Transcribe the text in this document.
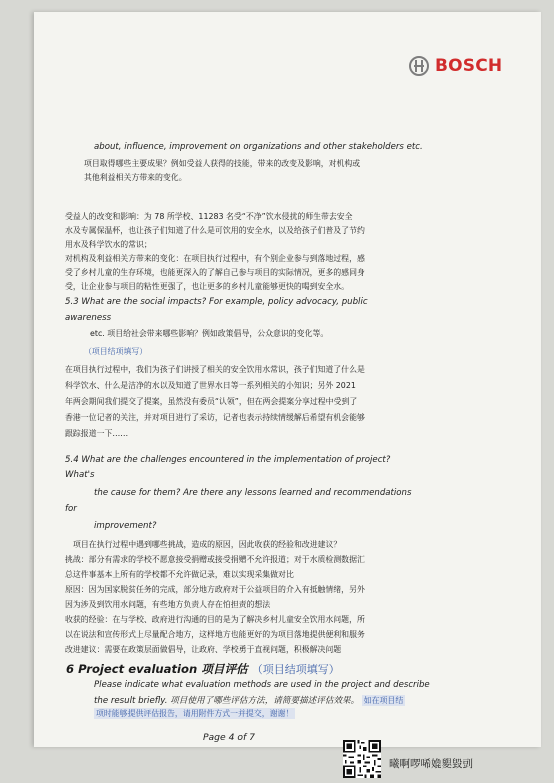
BOSCH
about, influence, improvement on organizations and other stakeholders etc.
项目取得哪些主要成果？例如受益人获得的技能，带来的改变及影响，对机构或
其他利益相关方带来的变化。
受益人的改变和影响：为 78 所学校、11283 名受“不净”饮水侵扰的师生带去安全
水及专属保温杯，也让孩子们知道了什么是可饮用的安全水，以及给孩子们普及了节约
用水及科学饮水的常识；
对机构及利益相关方带来的变化：在项目执行过程中，有个别企业参与到落地过程，感
受了乡村儿童的生存环境，也能更深入的了解自己参与项目的实际情况，更多的感同身
受，让企业参与项目的粘性更强了，也让更多的乡村儿童能够更快的喝到安全水。
5.3 What are the social impacts? For example, policy advocacy, public
awareness
etc. 项目给社会带来哪些影响？例如政策倡导，公众意识的变化等。
（项目结项填写）
在项目执行过程中，我们为孩子们讲授了相关的安全饮用水常识，孩子们知道了什么是
科学饮水、什么是洁净的水以及知道了世界水日等一系列相关的小知识；另外 2021
年两会期间我们提交了提案，虽然没有委员“认领”，但在两会提案分享过程中受到了
香港一位记者的关注，并对项目进行了采访，记者也表示持续情缓解后希望有机会能够
跟踪报道一下……
5.4 What are the challenges encountered in the implementation of project?
What's
the cause for them? Are there any lessons learned and recommendations
for
improvement?
项目在执行过程中遇到哪些挑战，造成的原因，因此收获的经验和改进建议？
挑战：部分有需求的学校不愿意接受捐赠或接受捐赠不允许报道；对于水质检测数据汇
总这件事基本上所有的学校都不允许做记录，难以实现采集做对比
原因：因为国家脱贫任务的完成，部分地方政府对于公益项目的介入有抵触情绪，另外
因为涉及到饮用水问题，有些地方负责人存在怕担责的想法
收获的经验：在与学校、政府进行沟通的目的是为了解决乡村儿童安全饮用水问题，所
以在说法和宣传形式上尽量配合地方，这样地方也能更好的为项目落地提供便利和服务
改进建议：需要在政策层面做倡导，让政府、学校勇于直视问题，积极解决问题
6 Project evaluation 项目评估 （项目结项填写）
Please indicate what evaluation methods are used in the project and describe
the result briefly. 项目使用了哪些评估方法，请简要描述评估效果。 如在项目结
项时能够提供评估报告，请用附件方式一并提交，谢谢！
Page 4 of 7
曦啊啰唏嫓夓毀剅
